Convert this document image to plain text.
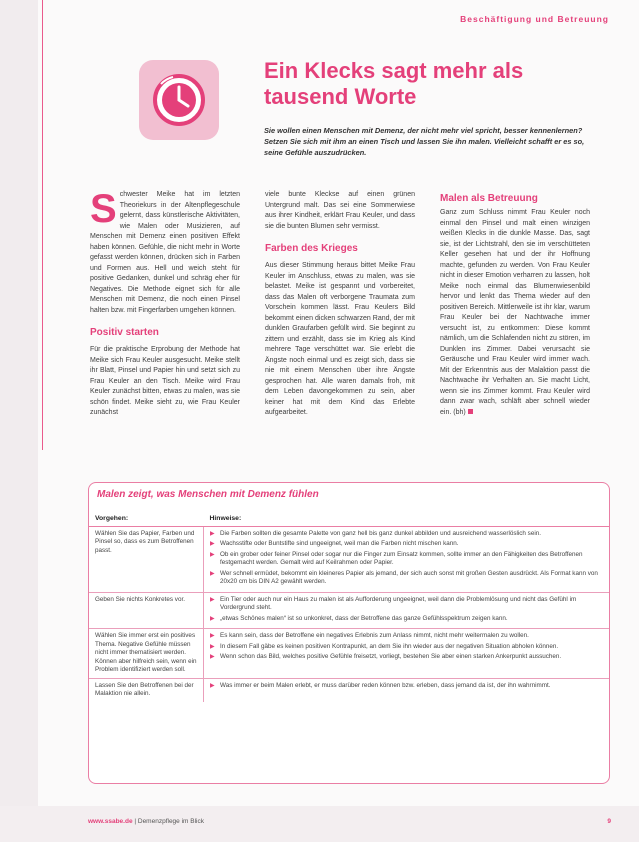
Beschäftigung und Betreuung
Ein Klecks sagt mehr als tausend Worte

Sie wollen einen Menschen mit Demenz, der nicht mehr viel spricht, besser kennenlernen? Setzen Sie sich mit ihm an einen Tisch und lassen Sie ihn malen. Vielleicht schafft er es so, seine Gefühle auszudrücken.

Schwester Meike hat im letzten Theoriekurs in der Altenpflegeschule gelernt, dass künstlerische Aktivitäten, wie Malen oder Musizieren, auf Menschen mit Demenz einen positiven Effekt haben können. Gefühle, die nicht mehr in Worte gefasst werden können, drücken sich in Farben und Formen aus. Hell und weich steht für positive Gedanken, dunkel und schräg eher für Negatives. Die Methode eignet sich für alle Menschen mit Demenz, die noch einen Pinsel halten bzw. mit Fingerfarben umgehen können.

Positiv starten

Für die praktische Erprobung der Methode hat Meike sich Frau Keuler ausgesucht. Meike stellt ihr Blatt, Pinsel und Papier hin und setzt sich zu Frau Keuler an den Tisch. Meike wird Frau Keuler zunächst bitten, etwas zu malen, was sie schön findet. Meike sieht zu, wie Frau Keuler zunächst

viele bunte Kleckse auf einen grünen Untergrund malt. Das sei eine Sommerwiese aus ihrer Kindheit, erklärt Frau Keuler, und dass sie die bunten Blumen sehr vermisst.

Farben des Krieges

Aus dieser Stimmung heraus bittet Meike Frau Keuler im Anschluss, etwas zu malen, was sie belastet. Meike ist gespannt und vorbereitet, dass das Malen oft verborgene Traumata zum Vorschein kommen lässt. Frau Keulers Bild bekommt einen dicken schwarzen Rand, der mit dunklen Graufarben gefüllt wird. Sie beginnt zu zittern und erzählt, dass sie im Krieg als Kind mehrere Tage verschüttet war. Sie erlebt die Ängste noch einmal und es zeigt sich, dass sie nie mit einem Menschen über ihre Ängste gesprochen hat. Alle waren damals froh, mit dem Leben davongekommen zu sein, aber keiner hat mit dem Kind das Erlebte aufgearbeitet.

Malen als Betreuung

Ganz zum Schluss nimmt Frau Keuler noch einmal den Pinsel und malt einen winzigen weißen Klecks in die dunkle Masse. Das, sagt sie, ist der Lichtstrahl, den sie im verschütteten Keller gesehen hat und der ihr Hoffnung machte, gefunden zu werden. Von Frau Keuler nicht in dieser Emotion verharren zu lassen, holt Meike noch einmal das Blumenwiesenbild hervor und lenkt das Thema wieder auf den positiven Bereich. Mittlerweile ist ihr klar, warum Frau Keuler bei der Nachtwache immer versucht ist, zu entkommen: Diese kommt nämlich, um die Schlafenden nicht zu stören, im Dunklen ins Zimmer. Dabei verursacht sie Geräusche und Frau Keuler wird immer wach. Mit der Erkenntnis aus der Malaktion passt die Nachtwache ihr Verhalten an. Sie macht Licht, wenn sie ins Zimmer kommt. Frau Keuler wird dann zwar wach, schläft aber schnell wieder ein. (bh)

Malen zeigt, was Menschen mit Demenz fühlen
Vorgehen:	Hinweise:
Wählen Sie das Papier, Farben und Pinsel so, dass es zum Betroffenen passt.	▶ Die Farben sollten die gesamte Palette von ganz hell bis ganz dunkel abbilden und ausreichend wasserlöslich sein.
▶ Wachsstifte oder Buntstifte sind ungeeignet, weil man die Farben nicht mischen kann.
▶ Ob ein grober oder feiner Pinsel oder sogar nur die Finger zum Einsatz kommen, sollte immer an den Fähigkeiten des Betroffenen festgemacht werden. Gemalt wird auf Keilrahmen oder Papier.
▶ Wer schnell ermüdet, bekommt ein kleineres Papier als jemand, der sich auch sonst mit großen Gesten ausdrückt. Als Format kann von 20x20 cm bis DIN A2 gewählt werden.

Geben Sie nichts Konkretes vor.	▶ Ein Tier oder auch nur ein Haus zu malen ist als Aufforderung ungeeignet, weil dann die Problemlösung und nicht das Gefühl im Vordergrund steht.
▶ „etwas Schönes malen“ ist so unkonkret, dass der Betroffene das ganze Gefühlsspektrum zeigen kann.

Wählen Sie immer erst ein positives Thema. Negative Gefühle müssen nicht immer thematisiert werden. Können aber hilfreich sein, wenn ein Problem identifiziert werden soll.	▶ Es kann sein, dass der Betroffene ein negatives Erlebnis zum Anlass nimmt, nicht mehr weitermalen zu wollen.
▶ In diesem Fall gäbe es keinen positiven Kontrapunkt, an dem Sie ihn wieder aus der negativen Situation abholen können.
▶ Wenn schon das Bild, welches positive Gefühle freisetzt, vorliegt, bestehen Sie aber einen starken Ankerpunkt aussuchen.

Lassen Sie den Betroffenen bei der Malaktion nie allein.	▶ Was immer er beim Malen erlebt, er muss darüber reden können bzw. erleben, dass jemand da ist, der ihn wahrnimmt.
www.ssabe.de | Demenzpflege im Blick	9
